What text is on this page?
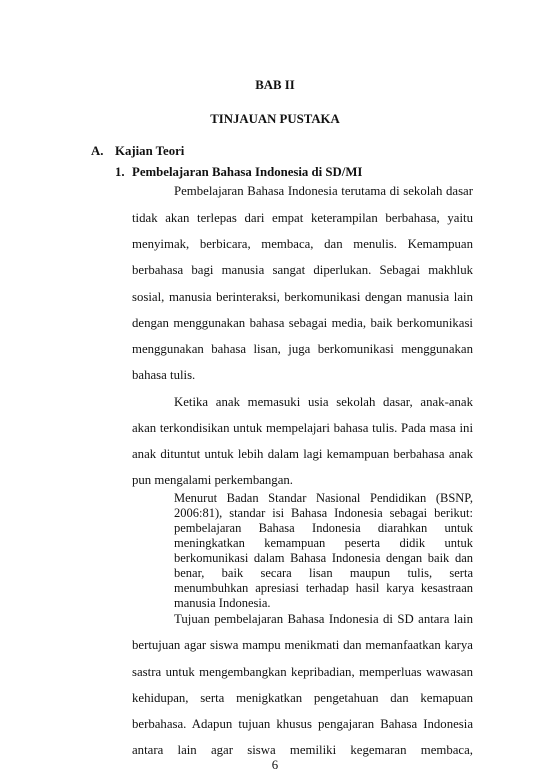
BAB II
TINJAUAN PUSTAKA
A. Kajian Teori
1. Pembelajaran Bahasa Indonesia di SD/MI
Pembelajaran Bahasa Indonesia terutama di sekolah dasar
tidak akan terlepas dari empat keterampilan berbahasa, yaitu
menyimak, berbicara, membaca, dan menulis. Kemampuan
berbahasa bagi manusia sangat diperlukan. Sebagai makhluk
sosial, manusia berinteraksi, berkomunikasi dengan manusia lain
dengan menggunakan bahasa sebagai media, baik berkomunikasi
menggunakan bahasa lisan, juga berkomunikasi menggunakan
bahasa tulis.
Ketika anak memasuki usia sekolah dasar, anak-anak
akan terkondisikan untuk mempelajari bahasa tulis. Pada masa ini
anak dituntut untuk lebih dalam lagi kemampuan berbahasa anak
pun mengalami perkembangan.
Menurut Badan Standar Nasional Pendidikan (BSNP,
2006:81), standar isi Bahasa Indonesia sebagai berikut:
pembelajaran Bahasa Indonesia diarahkan untuk
meningkatkan kemampuan peserta didik untuk
berkomunikasi dalam Bahasa Indonesia dengan baik dan
benar, baik secara lisan maupun tulis, serta
menumbuhkan apresiasi terhadap hasil karya kesastraan
manusia Indonesia.
Tujuan pembelajaran Bahasa Indonesia di SD antara lain
bertujuan agar siswa mampu menikmati dan memanfaatkan karya
sastra untuk mengembangkan kepribadian, memperluas wawasan
kehidupan, serta menigkatkan pengetahuan dan kemapuan
berbahasa. Adapun tujuan khusus pengajaran Bahasa Indonesia
antara lain agar siswa memiliki kegemaran membaca,
6
